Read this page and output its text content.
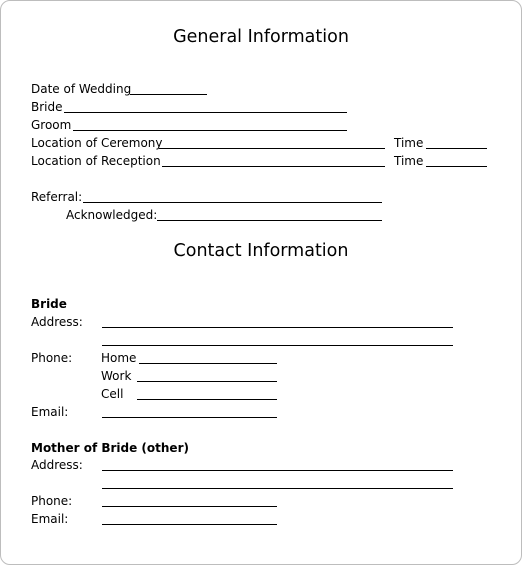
General Information
Date of Wedding
Bride
Groom
Location of Ceremony	Time
Location of Reception	Time
Referral:
Acknowledged:
Contact Information
Bride
Address:
Phone: Home
Work
Cell
Email:
Mother of Bride (other)
Address:
Phone:
Email:
